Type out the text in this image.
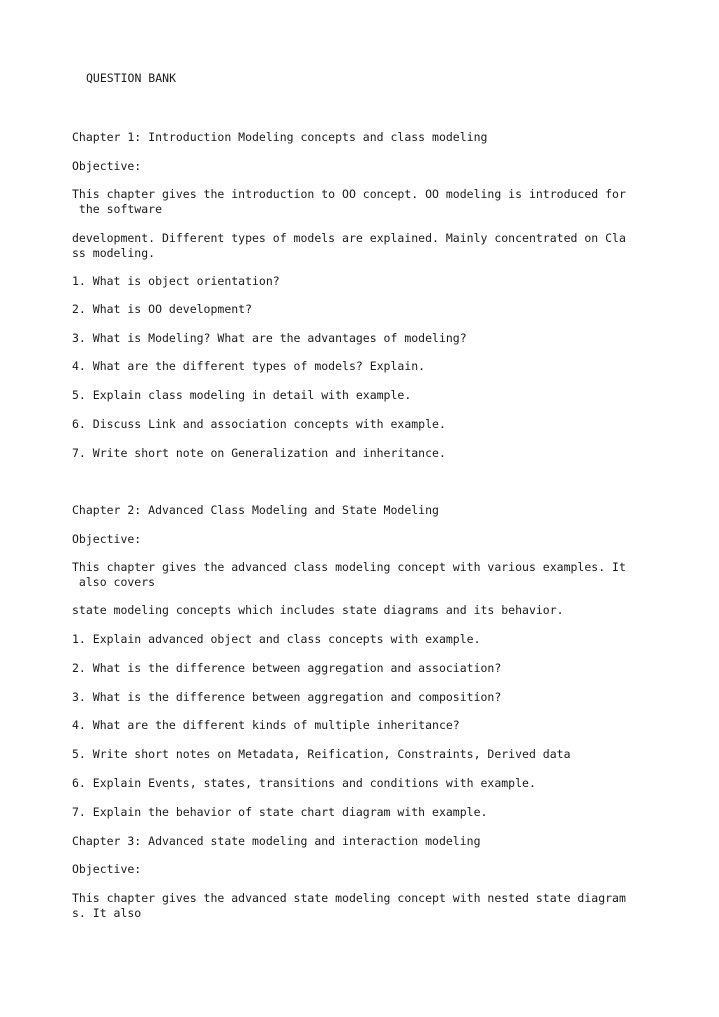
QUESTION BANK

Chapter 1: Introduction Modeling concepts and class modeling

Objective:

This chapter gives the introduction to OO concept. OO modeling is introduced for

the software

development. Different types of models are explained. Mainly concentrated on Cla

ss modeling.

1. What is object orientation?

2. What is OO development?

3. What is Modeling? What are the advantages of modeling?

4. What are the different types of models? Explain.

5. Explain class modeling in detail with example.

6. Discuss Link and association concepts with example.

7. Write short note on Generalization and inheritance.

Chapter 2: Advanced Class Modeling and State Modeling

Objective:

This chapter gives the advanced class modeling concept with various examples. It

also covers

state modeling concepts which includes state diagrams and its behavior.

1. Explain advanced object and class concepts with example.

2. What is the difference between aggregation and association?

3. What is the difference between aggregation and composition?

4. What are the different kinds of multiple inheritance?

5. Write short notes on Metadata, Reification, Constraints, Derived data

6. Explain Events, states, transitions and conditions with example.

7. Explain the behavior of state chart diagram with example.

Chapter 3: Advanced state modeling and interaction modeling

Objective:

This chapter gives the advanced state modeling concept with nested state diagram

s. It also
